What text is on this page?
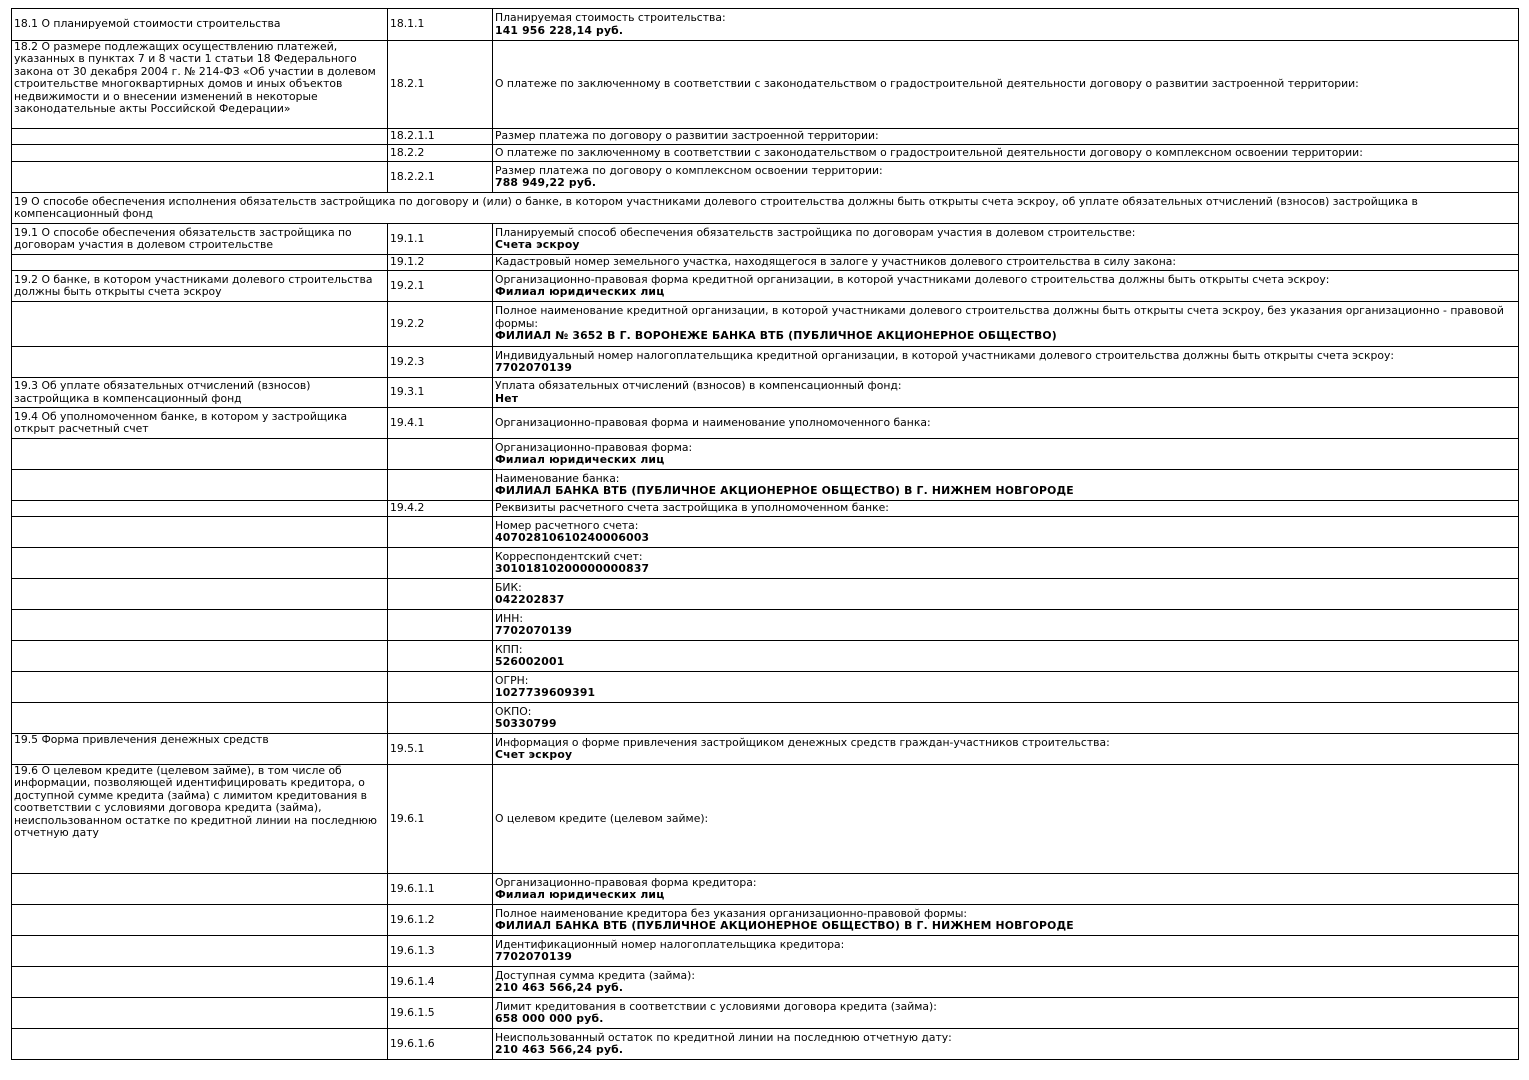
18.1 О планируемой стоимости строительства	18.1.1	Планируемая стоимость строительства:
141 956 228,14 руб.

18.2 О размере подлежащих осуществлению платежей, указанных в пунктах 7 и 8 части 1 статьи 18 Федерального закона от 30 декабря 2004 г. № 214-ФЗ «Об участии в долевом строительстве многоквартирных домов и иных объектов недвижимости и о внесении изменений в некоторые законодательные акты Российской Федерации»	18.2.1	О платеже по заключенному в соответствии с законодательством о градостроительной деятельности договору о развитии застроенной территории:

	18.2.1.1	Размер платежа по договору о развитии застроенной территории:

	18.2.2	О платеже по заключенному в соответствии с законодательством о градостроительной деятельности договору о комплексном освоении территории:

	18.2.2.1	Размер платежа по договору о комплексном освоении территории:
788 949,22 руб.

19 О способе обеспечения исполнения обязательств застройщика по договору и (или) о банке, в котором участниками долевого строительства должны быть открыты счета эскроу, об уплате обязательных отчислений (взносов) застройщика в компенсационный фонд		
19.1 О способе обеспечения обязательств застройщика по договорам участия в долевом строительстве	19.1.1	Планируемый способ обеспечения обязательств застройщика по договорам участия в долевом строительстве:
Счета эскроу

	19.1.2	Кадастровый номер земельного участка, находящегося в залоге у участников долевого строительства в силу закона:

19.2 О банке, в котором участниками долевого строительства должны быть открыты счета эскроу	19.2.1	Организационно-правовая форма кредитной организации, в которой участниками долевого строительства должны быть открыты счета эскроу:
Филиал юридических лиц

	19.2.2	Полное наименование кредитной организации, в которой участниками долевого строительства должны быть открыты счета эскроу, без указания организационно - правовой формы:
ФИЛИАЛ № 3652 В Г. ВОРОНЕЖЕ БАНКА ВТБ (ПУБЛИЧНОЕ АКЦИОНЕРНОЕ ОБЩЕСТВО)

	19.2.3	Индивидуальный номер налогоплательщика кредитной организации, в которой участниками долевого строительства должны быть открыты счета эскроу:
7702070139

19.3 Об уплате обязательных отчислений (взносов) застройщика в компенсационный фонд	19.3.1	Уплата обязательных отчислений (взносов) в компенсационный фонд:
Нет

19.4 Об уполномоченном банке, в котором у застройщика открыт расчетный счет	19.4.1	Организационно-правовая форма и наименование уполномоченного банка:

		Организационно-правовая форма:
Филиал юридических лиц

		Наименование банка:
ФИЛИАЛ БАНКА ВТБ (ПУБЛИЧНОЕ АКЦИОНЕРНОЕ ОБЩЕСТВО) В Г. НИЖНЕМ НОВГОРОДЕ

	19.4.2	Реквизиты расчетного счета застройщика в уполномоченном банке:

		Номер расчетного счета:
40702810610240006003

		Корреспондентский счет:
30101810200000000837

		БИК:
042202837

		ИНН:
7702070139

		КПП:
526002001

		ОГРН:
1027739609391

		ОКПО:
50330799

19.5 Форма привлечения денежных средств	19.5.1	Информация о форме привлечения застройщиком денежных средств граждан-участников строительства:
Счет эскроу

19.6 О целевом кредите (целевом займе), в том числе об информации, позволяющей идентифицировать кредитора, о доступной сумме кредита (займа) с лимитом кредитования в соответствии с условиями договора кредита (займа), неиспользованном остатке по кредитной линии на последнюю отчетную дату	19.6.1	О целевом кредите (целевом займе):

	19.6.1.1	Организационно-правовая форма кредитора:
Филиал юридических лиц

	19.6.1.2	Полное наименование кредитора без указания организационно-правовой формы:
ФИЛИАЛ БАНКА ВТБ (ПУБЛИЧНОЕ АКЦИОНЕРНОЕ ОБЩЕСТВО) В Г. НИЖНЕМ НОВГОРОДЕ

	19.6.1.3	Идентификационный номер налогоплательщика кредитора:
7702070139

	19.6.1.4	Доступная сумма кредита (займа):
210 463 566,24 руб.

	19.6.1.5	Лимит кредитования в соответствии с условиями договора кредита (займа):
658 000 000 руб.

	19.6.1.6	Неиспользованный остаток по кредитной линии на последнюю отчетную дату:
210 463 566,24 руб.
